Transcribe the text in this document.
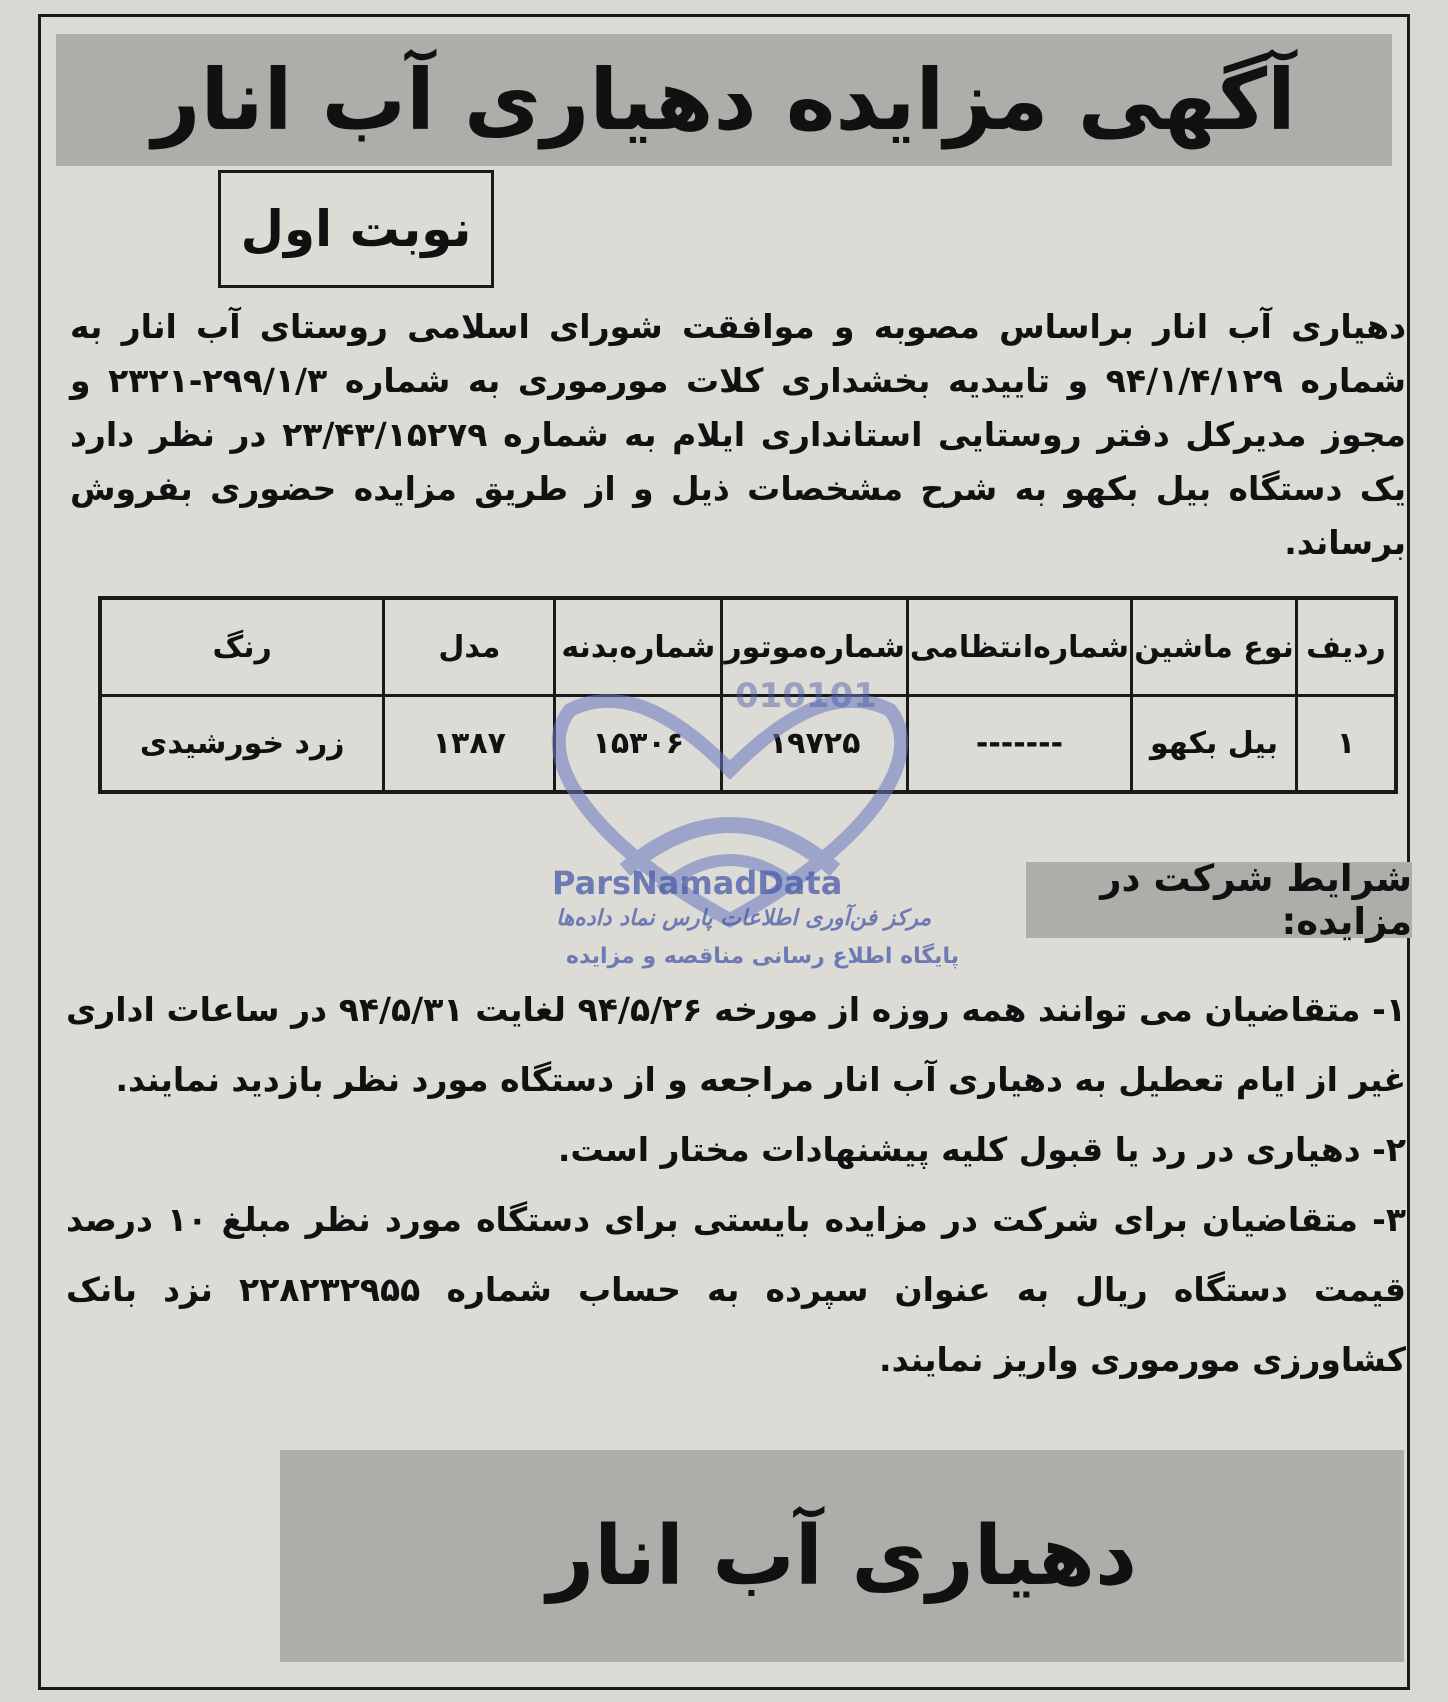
آگهی مزایده دهیاری آب انار
نوبت اول
دهیاری آب انار براساس مصوبه و موافقت شورای اسلامی روستای آب انار به شماره ۹۴/۱/۴/۱۲۹ و تاییدیه بخشداری کلات مورموری به شماره ۲۹۹/۱/۳-۲۳۲۱ و مجوز مدیرکل دفتر روستایی استانداری ایلام به شماره ۲۳/۴۳/۱۵۲۷۹ در نظر دارد یک دستگاه بیل بکهو به شرح مشخصات ذیل و از طریق مزایده حضوری بفروش برساند.
ردیف	نوع ماشین	شماره‌انتظامی	شماره‌موتور	شماره‌بدنه	مدل	رنگ
۱	بیل بکهو	-------	۱۹۷۲۵	۱۵۳۰۶	۱۳۸۷	زرد خورشیدی
010101
ParsNamadData
مرکز فن‌آوری اطلاعات پارس نماد داده‌ها
پایگاه اطلاع رسانی مناقصه و مزایده
شرایط شرکت در مزایده:

۱- متقاضیان می توانند همه روزه از مورخه ۹۴/۵/۲۶ لغایت ۹۴/۵/۳۱ در ساعات اداری غیر از ایام تعطیل به دهیاری آب انار مراجعه و از دستگاه مورد نظر بازدید نمایند.

۲- دهیاری در رد یا قبول کلیه پیشنهادات مختار است.

۳- متقاضیان برای شرکت در مزایده بایستی برای دستگاه مورد نظر مبلغ ۱۰ درصد قیمت دستگاه ریال به عنوان سپرده به حساب شماره ۲۲۸۲۳۲۹۵۵ نزد بانک کشاورزی مورموری واریز نمایند.

دهیاری آب انار
